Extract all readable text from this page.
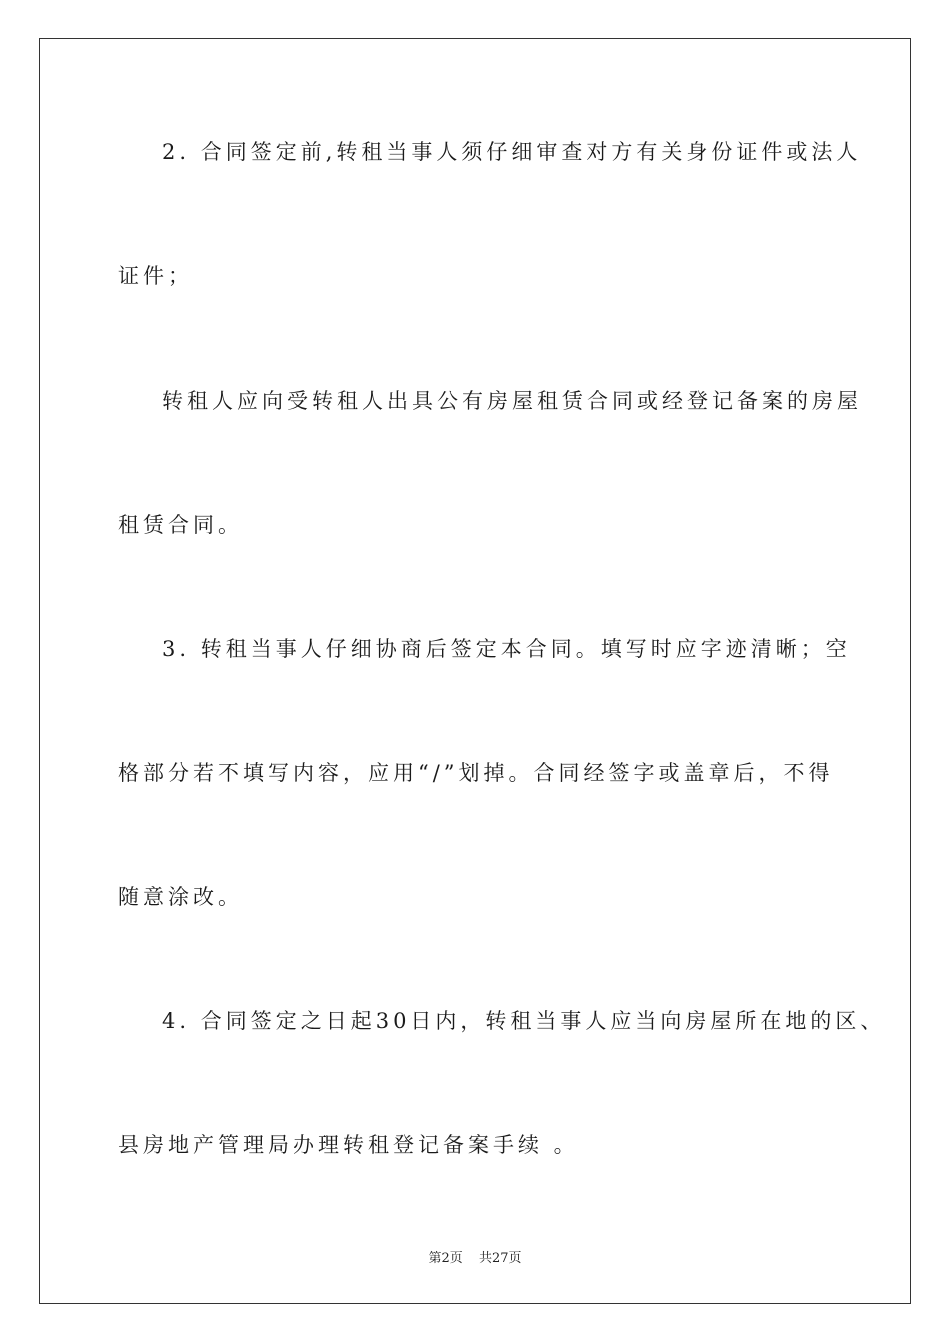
2. 合同签定前,转租当事人须仔细审查对方有关身份证件或法人
证件；
转租人应向受转租人出具公有房屋租赁合同或经登记备案的房屋
租赁合同。
3. 转租当事人仔细协商后签定本合同。填写时应字迹清晰；空
格部分若不填写内容，应用“/”划掉。合同经签字或盖章后，不得
随意涂改。
4. 合同签定之日起30日内，转租当事人应当向房屋所在地的区、
县房地产管理局办理转租登记备案手续 。
第2页 共27页
